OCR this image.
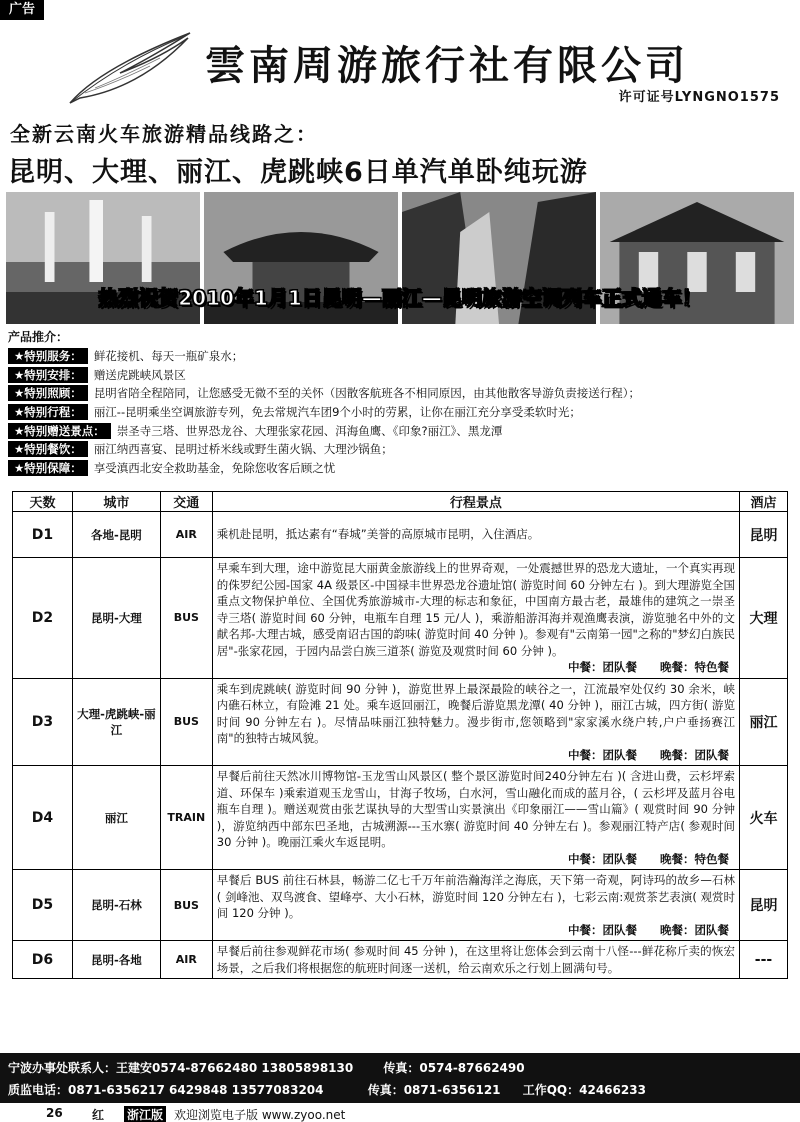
广告
雲南周游旅行社有限公司
许可证号LYNGNO1575
全新云南火车旅游精品线路之：
昆明、大理、丽江、虎跳峡6日单汽单卧纯玩游
热烈祝贺2010年1月1日昆明—丽江—昆明旅游空调列车正式通车！
产品推介：
★特别服务：	鲜花接机、每天一瓶矿泉水；
★特别安排：	赠送虎跳峡风景区
★特别照顾：	昆明省陪全程陪同，让您感受无微不至的关怀（因散客航班各不相同原因，由其他散客导游负责接送行程）；
★特别行程：	丽江--昆明乘坐空调旅游专列，免去常规汽车团9个小时的劳累，让你在丽江充分享受柔软时光；
★特别赠送景点：	崇圣寺三塔、世界恐龙谷、大理张家花园、洱海鱼鹰、《印象?丽江》、黑龙潭
★特别餐饮：	丽江纳西喜宴、昆明过桥米线或野生菌火锅、大理沙锅鱼；
★特别保障：	享受滇西北安全救助基金，免除您收客后顾之忧
天数	城市	交通	行程景点	酒店
D1	各地-昆明	AIR	乘机赴昆明，抵达素有“春城”美誉的高原城市昆明，入住酒店。	昆明
D2	昆明-大理	BUS	早乘车到大理，途中游览昆大丽黄金旅游线上的世界奇观，一处震撼世界的恐龙大遗址，一个真实再现的侏罗纪公园-国家 4A 级景区-中国禄丰世界恐龙谷遗址馆( 游览时间 60 分钟左右 )。到大理游览全国重点文物保护单位、全国优秀旅游城市-大理的标志和象征，中国南方最古老，最雄伟的建筑之一崇圣寺三塔( 游览时间 60 分钟，电瓶车自理 15 元/人 )，乘游船游洱海并观渔鹰表演，游览驰名中外的文献名邦-大理古城，感受南诏古国的韵味( 游览时间 40 分钟 )。参观有"云南第一园"之称的"梦幻白族民居"-张家花园，于园内品尝白族三道茶( 游览及观赏时间 60 分钟 )。
中餐：团队餐　　晚餐：特色餐	大理
D3	大理-虎跳峡-丽江	BUS	乘车到虎跳峡( 游览时间 90 分钟 )，游览世界上最深最险的峡谷之一，江流最窄处仅约 30 余米，峡内礁石林立，有险滩 21 处。乘车返回丽江，晚餐后游览黑龙潭( 40 分钟 )，丽江古城，四方街( 游览时间 90 分钟左右 )。尽情品味丽江独特魅力。漫步街市,您领略到"家家溪水绕户转,户户垂扬赛江南"的独特古城风貌。
中餐：团队餐　　晚餐：团队餐	丽江
D4	丽江	TRAIN	早餐后前往天然冰川博物馆-玉龙雪山风景区( 整个景区游览时间240分钟左右 )( 含进山费，云杉坪索道、环保车 )乘索道观玉龙雪山，甘海子牧场，白水河，雪山融化而成的蓝月谷，( 云杉坪及蓝月谷电瓶车自理 )。赠送观赏由张艺谋执导的大型雪山实景演出《印象丽江——雪山篇》( 观赏时间 90 分钟 )，游览纳西中部东巴圣地，古城溯源---玉水寨( 游览时间 40 分钟左右 )。参观丽江特产店( 参观时间 30 分钟 )。晚丽江乘火车返昆明。
中餐：团队餐　　晚餐：特色餐	火车
D5	昆明-石林	BUS	早餐后 BUS 前往石林县，畅游二亿七千万年前浩瀚海洋之海底，天下第一奇观，阿诗玛的故乡—石林( 剑峰池、双鸟渡食、望峰亭、大小石林，游览时间 120 分钟左右 )，七彩云南:观赏茶艺表演( 观赏时间 120 分钟 )。
中餐：团队餐　　晚餐：团队餐	昆明
D6	昆明-各地	AIR	早餐后前往参观鲜花市场( 参观时间 45 分钟 )，在这里将让您体会到云南十八怪---鲜花称斤卖的恢宏场景，之后我们将根据您的航班时间逐一送机，给云南欢乐之行划上圆满句号。	---
宁波办事处联系人：王建安0574-87662480 13805898130	传真：0574-87662490
质监电话：0871-6356217 6429848 13577083204	传真：0871-6356121 工作QQ：42466233
26 红 浙江版 欢迎浏览电子版 www.zyoo.net
